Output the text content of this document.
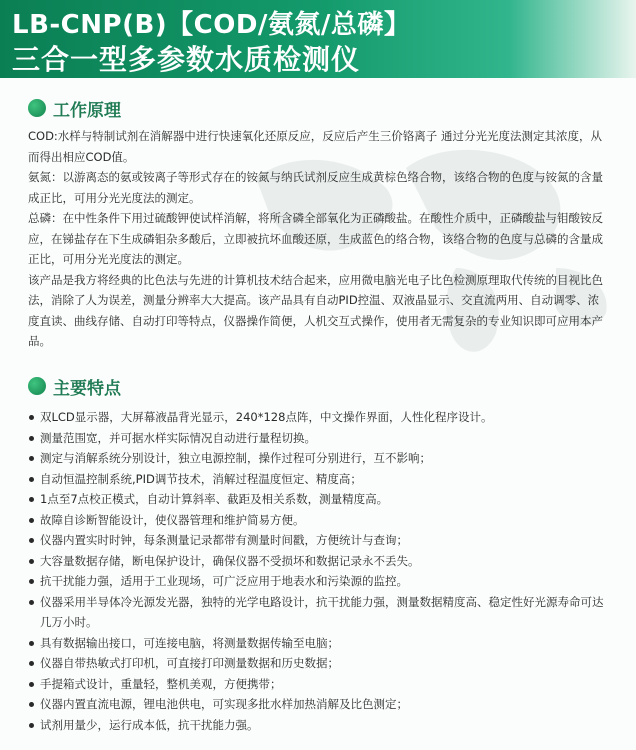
LB-CNP(B)【COD/氨氮/总磷】
三合一型多参数水质检测仪
工作原理

COD:水样与特制试剂在消解器中进行快速氧化还原反应，反应后产生三价铬离子 通过分光光度法测定其浓度，从而得出相应COD值。

氨氮：以游离态的氨或铵离子等形式存在的铵氮与纳氏试剂反应生成黄棕色络合物，该络合物的色度与铵氮的含量成正比，可用分光光度法的测定。

总磷：在中性条件下用过硫酸钾使试样消解，将所含磷全部氧化为正磷酸盐。在酸性介质中，正磷酸盐与钼酸铵反应，在锑盐存在下生成磷钼杂多酸后，立即被抗坏血酸还原，生成蓝色的络合物，该络合物的色度与总磷的含量成正比，可用分光光度法的测定。

该产品是我方将经典的比色法与先进的计算机技术结合起来，应用微电脑光电子比色检测原理取代传统的目视比色法，消除了人为误差，测量分辨率大大提高。该产品具有自动PID控温、双液晶显示、交直流两用、自动调零、浓度直读、曲线存储、自动打印等特点，仪器操作简便，人机交互式操作，使用者无需复杂的专业知识即可应用本产品。

主要特点
双LCD显示器，大屏幕液晶背光显示，240*128点阵，中文操作界面，人性化程序设计。
测量范围宽，并可据水样实际情况自动进行量程切换。
测定与消解系统分别设计，独立电源控制，操作过程可分别进行，互不影响；
自动恒温控制系统,PID调节技术，消解过程温度恒定、精度高；
1点至7点校正模式，自动计算斜率、截距及相关系数，测量精度高。
故障自诊断智能设计，使仪器管理和维护简易方便。
仪器内置实时时钟，每条测量记录都带有测量时间戳，方便统计与查询；
大容量数据存储，断电保护设计，确保仪器不受损坏和数据记录永不丢失。
抗干扰能力强，适用于工业现场，可广泛应用于地表水和污染源的监控。
仪器采用半导体冷光源发光器，独特的光学电路设计，抗干扰能力强，测量数据精度高、稳定性好光源寿命可达几万小时。
具有数据输出接口，可连接电脑，将测量数据传输至电脑；
仪器自带热敏式打印机，可直接打印测量数据和历史数据；
手提箱式设计，重量轻，整机美观，方便携带；
仪器内置直流电源，锂电池供电，可实现多批水样加热消解及比色测定；
试剂用量少，运行成本低，抗干扰能力强。
